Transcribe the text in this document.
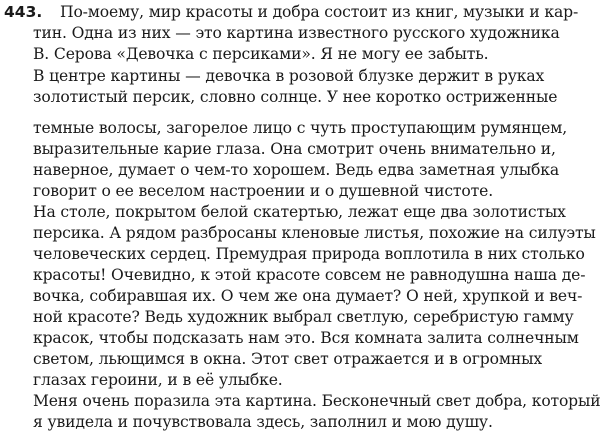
443. По-моему, мир красоты и добра состоит из книг, музыки и кар-
тин. Одна из них — это картина известного русского художника
В. Серова «Девочка с персиками». Я не могу ее забыть.
В центре картины — девочка в розовой блузке держит в руках
золотистый персик, словно солнце. У нее коротко остриженные
темные волосы, загорелое лицо с чуть проступающим румянцем,
выразительные карие глаза. Она смотрит очень внимательно и,
наверное, думает о чем-то хорошем. Ведь едва заметная улыбка
говорит о ее веселом настроении и о душевной чистоте.
На столе, покрытом белой скатертью, лежат еще два золотистых
персика. А рядом разбросаны кленовые листья, похожие на силуэты
человеческих сердец. Премудрая природа воплотила в них столько
красоты! Очевидно, к этой красоте совсем не равнодушна наша де-
вочка, собиравшая их. О чем же она думает? О ней, хрупкой и веч-
ной красоте? Ведь художник выбрал светлую, серебристую гамму
красок, чтобы подсказать нам это. Вся комната залита солнечным
светом, льющимся в окна. Этот свет отражается и в огромных
глазах героини, и в её улыбке.
Меня очень поразила эта картина. Бесконечный свет добра, который
я увидела и почувствовала здесь, заполнил и мою душу.
